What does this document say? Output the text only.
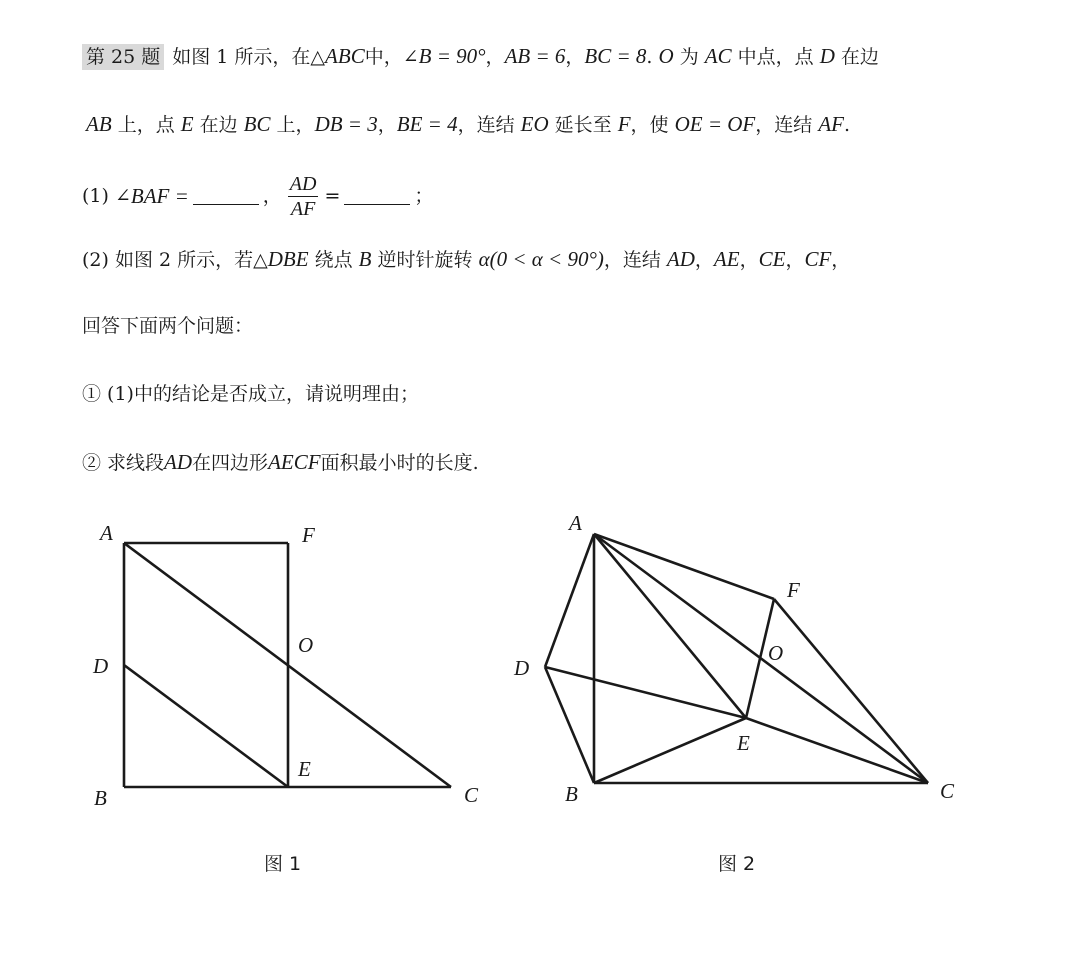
第 25 题 如图 1 所示，在△ABC中，∠B = 90°，AB = 6，BC = 8. O 为 AC 中点，点 D 在边
AB 上，点 E 在边 BC 上，DB = 3，BE = 4，连结 EO 延长至 F，使 OE = OF，连结 AF.
(1) ∠ BAF =	， $\frac{AD}{AF}$ =	；
(2) 如图 2 所示，若△DBE 绕点 B 逆时针旋转 α(0 < α < 90°)，连结 AD，AE，CE，CF，
回答下面两个问题：
① (1)中的结论是否成立，请说明理由；
② 求线段AD在四边形AECF面积最小时的长度.
A	F
O
D
E
B	C
图 1
A
F
O
D
E
B	C
图 2
